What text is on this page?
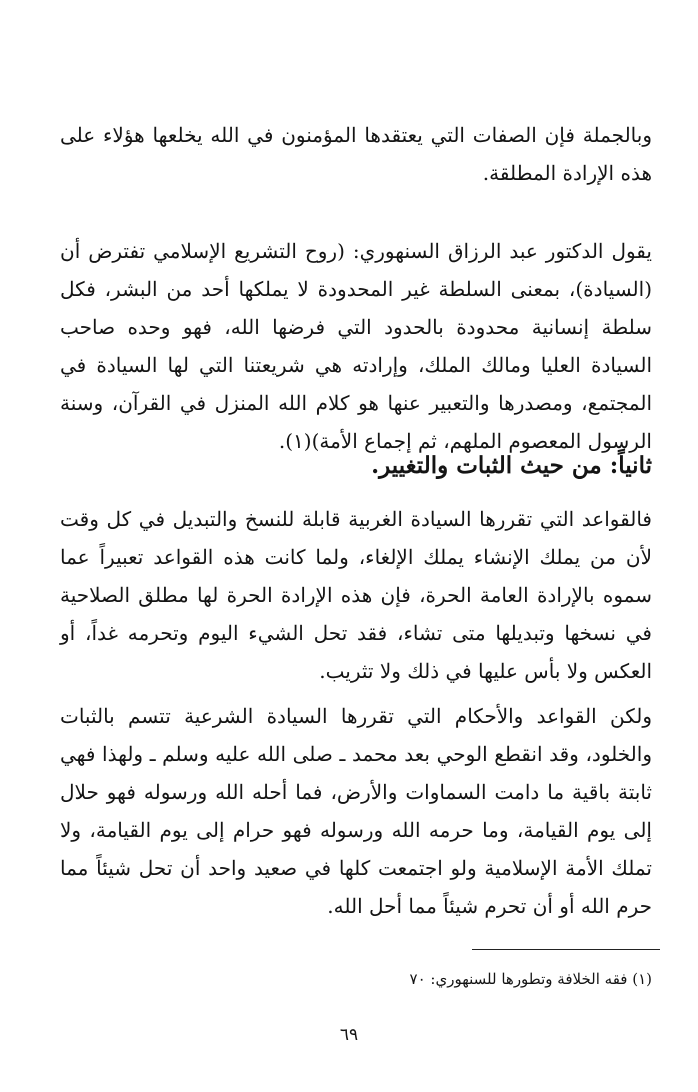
وبالجملة فإن الصفات التي يعتقدها المؤمنون في الله يخلعها هؤلاء على هذه الإرادة المطلقة.

يقول الدكتور عبد الرزاق السنهوري: (روح التشريع الإسلامي تفترض أن (السيادة)، بمعنى السلطة غير المحدودة لا يملكها أحد من البشر، فكل سلطة إنسانية محدودة بالحدود التي فرضها الله، فهو وحده صاحب السيادة العليا ومالك الملك، وإرادته هي شريعتنا التي لها السيادة في المجتمع، ومصدرها والتعبير عنها هو كلام الله المنزل في القرآن، وسنة الرسول المعصوم الملهم، ثم إجماع الأمة)(١).

ثانياً: من حيث الثبات والتغيير.

فالقواعد التي تقررها السيادة الغربية قابلة للنسخ والتبديل في كل وقت لأن من يملك الإنشاء يملك الإلغاء، ولما كانت هذه القواعد تعبيراً عما سموه بالإرادة العامة الحرة، فإن هذه الإرادة الحرة لها مطلق الصلاحية في نسخها وتبديلها متى تشاء، فقد تحل الشيء اليوم وتحرمه غداً، أو العكس ولا بأس عليها في ذلك ولا تثريب.

ولكن القواعد والأحكام التي تقررها السيادة الشرعية تتسم بالثبات والخلود، وقد انقطع الوحي بعد محمد ـ صلى الله عليه وسلم ـ ولهذا فهي ثابتة باقية ما دامت السماوات والأرض، فما أحله الله ورسوله فهو حلال إلى يوم القيامة، وما حرمه الله ورسوله فهو حرام إلى يوم القيامة، ولا تملك الأمة الإسلامية ولو اجتمعت كلها في صعيد واحد أن تحل شيئاً مما حرم الله أو أن تحرم شيئاً مما أحل الله.

(١) فقه الخلافة وتطورها للسنهوري: ٧٠

٦٩
